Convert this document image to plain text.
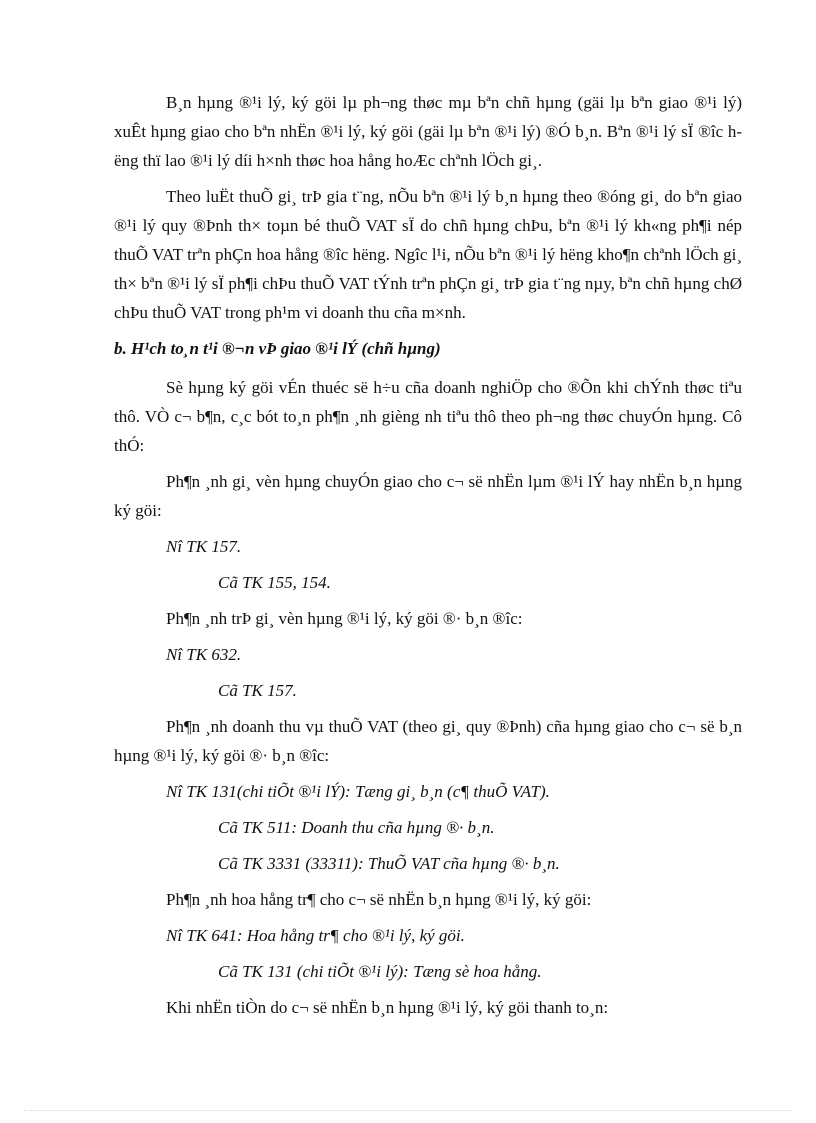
B¸n hµng ®¹i lý, ký göi lµ ph¬ng thøc mµ bªn chñ hµng (gäi lµ bªn giao ®¹i lý) xuÊt hµng giao cho bªn nhËn ®¹i lý, ký göi (gäi lµ bªn ®¹i lý) ®Ó b¸n. Bªn ®¹i lý sÏ ®îc hëng thï lao ®¹i lý díi h×nh thøc hoa hång hoÆc chªnh lÖch gi¸.

Theo luËt thuÕ gi¸ trÞ gia t¨ng, nÕu bªn ®¹i lý b¸n hµng theo ®óng gi¸ do bªn giao ®¹i lý quy ®Þnh th× toµn bé thuÕ VAT sÏ do chñ hµng chÞu, bªn ®¹i lý kh«ng ph¶i nép thuÕ VAT trªn phÇn hoa hång ®îc hëng. Ngîc l¹i, nÕu bªn ®¹i lý hëng kho¶n chªnh lÖch gi¸ th× bªn ®¹i lý sÏ ph¶i chÞu thuÕ VAT tÝnh trªn phÇn gi¸ trÞ gia t¨ng nµy, bªn chñ hµng chØ chÞu thuÕ VAT trong ph¹m vi doanh thu cña m×nh.

b. H¹ch to¸n t¹i ®¬n vÞ giao ®¹i lÝ (chñ hµng)

Sè hµng ký göi vÉn thuéc së h÷u cña doanh nghiÖp cho ®Õn khi chÝnh thøc tiªu thô. VÒ c¬ b¶n, c¸c bót to¸n ph¶n ¸nh gièng nh tiªu thô theo ph¬ng thøc chuyÓn hµng. Cô thÓ:

Ph¶n ¸nh gi¸ vèn hµng chuyÓn giao cho c¬ së nhËn lµm ®¹i lÝ hay nhËn b¸n hµng ký göi:

Nî TK 157.

Cã TK 155, 154.

Ph¶n ¸nh trÞ gi¸ vèn hµng ®¹i lý, ký göi ®· b¸n ®îc:

Nî TK 632.

Cã TK 157.

Ph¶n ¸nh doanh thu vµ thuÕ VAT (theo gi¸ quy ®Þnh) cña hµng giao cho c¬ së b¸n hµng ®¹i lý, ký göi ®· b¸n ®îc:

Nî TK 131(chi tiÕt ®¹i lÝ): Tæng gi¸ b¸n (c¶ thuÕ VAT).

Cã TK 511: Doanh thu cña hµng ®· b¸n.

Cã TK 3331 (33311): ThuÕ VAT cña hµng ®· b¸n.

Ph¶n ¸nh hoa hång tr¶ cho c¬ së nhËn b¸n hµng ®¹i lý, ký göi:

Nî TK 641: Hoa hång tr¶ cho ®¹i lý, ký göi.

Cã TK 131 (chi tiÕt ®¹i lý): Tæng sè hoa hång.

Khi nhËn tiÒn do c¬ së nhËn b¸n hµng ®¹i lý, ký göi thanh to¸n:
